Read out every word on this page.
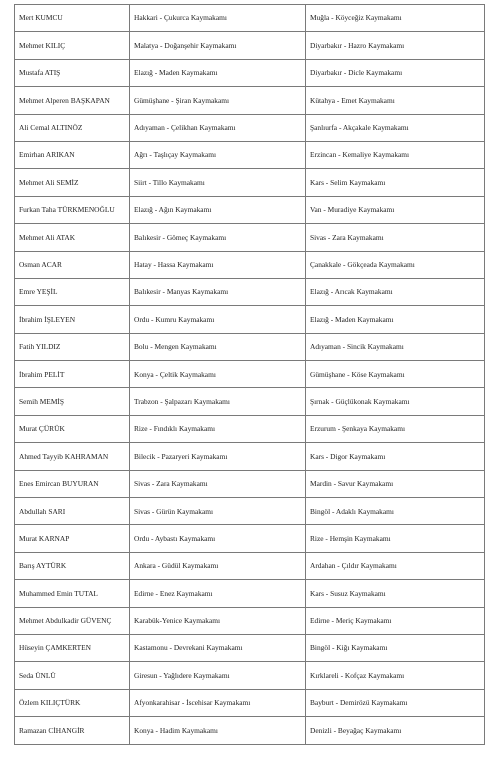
Mert KUMCU	Hakkari - Çukurca Kaymakamı	Muğla - Köyceğiz Kaymakamı
Mehmet KILIÇ	Malatya - Doğanşehir Kaymakamı	Diyarbakır - Hazro Kaymakamı
Mustafa ATIŞ	Elazığ - Maden Kaymakamı	Diyarbakır - Dicle Kaymakamı
Mehmet Alperen BAŞKAPAN	Gümüşhane - Şiran Kaymakamı	Kütahya - Emet Kaymakamı
Ali Cemal ALTINÖZ	Adıyaman - Çelikhan Kaymakamı	Şanlıurfa - Akçakale Kaymakamı
Emirhan ARIKAN	Ağrı - Taşlıçay Kaymakamı	Erzincan - Kemaliye Kaymakamı
Mehmet Ali SEMİZ	Siirt - Tillo Kaymakamı	Kars - Selim Kaymakamı
Furkan Taha TÜRKMENOĞLU	Elazığ - Ağın Kaymakamı	Van - Muradiye Kaymakamı
Mehmet Ali ATAK	Balıkesir - Gömeç Kaymakamı	Sivas - Zara Kaymakamı
Osman ACAR	Hatay - Hassa Kaymakamı	Çanakkale - Gökçeada Kaymakamı
Emre YEŞİL	Balıkesir - Manyas Kaymakamı	Elazığ - Arıcak Kaymakamı
İbrahim İŞLEYEN	Ordu - Kumru Kaymakamı	Elazığ - Maden Kaymakamı
Fatih YILDIZ	Bolu - Mengen Kaymakamı	Adıyaman - Sincik Kaymakamı
İbrahim PELİT	Konya - Çeltik Kaymakamı	Gümüşhane - Köse Kaymakamı
Semih MEMİŞ	Trabzon - Şalpazarı Kaymakamı	Şırnak - Güçlükonak Kaymakamı
Murat ÇÜRÜK	Rize - Fındıklı Kaymakamı	Erzurum - Şenkaya Kaymakamı
Ahmed Tayyib KAHRAMAN	Bilecik - Pazaryeri Kaymakamı	Kars - Digor Kaymakamı
Enes Emircan BUYURAN	Sivas - Zara Kaymakamı	Mardin - Savur Kaymakamı
Abdullah SARI	Sivas - Gürün Kaymakamı	Bingöl - Adaklı Kaymakamı
Murat KARNAP	Ordu - Aybastı Kaymakamı	Rize - Hemşin Kaymakamı
Barış AYTÜRK	Ankara - Güdül Kaymakamı	Ardahan - Çıldır Kaymakamı
Muhammed Emin TUTAL	Edirne - Enez Kaymakamı	Kars - Susuz Kaymakamı
Mehmet Abdulkadir GÜVENÇ	Karabük-Yenice Kaymakamı	Edirne - Meriç Kaymakamı
Hüseyin ÇAMKERTEN	Kastamonu - Devrekani Kaymakamı	Bingöl - Kiğı Kaymakamı
Seda ÜNLÜ	Giresun - Yağlıdere Kaymakamı	Kırklareli - Kofçaz Kaymakamı
Özlem KILIÇTÜRK	Afyonkarahisar - İscehisar Kaymakamı	Bayburt - Demirözü Kaymakamı
Ramazan CİHANGİR	Konya - Hadim Kaymakamı	Denizli - Beyağaç Kaymakamı
